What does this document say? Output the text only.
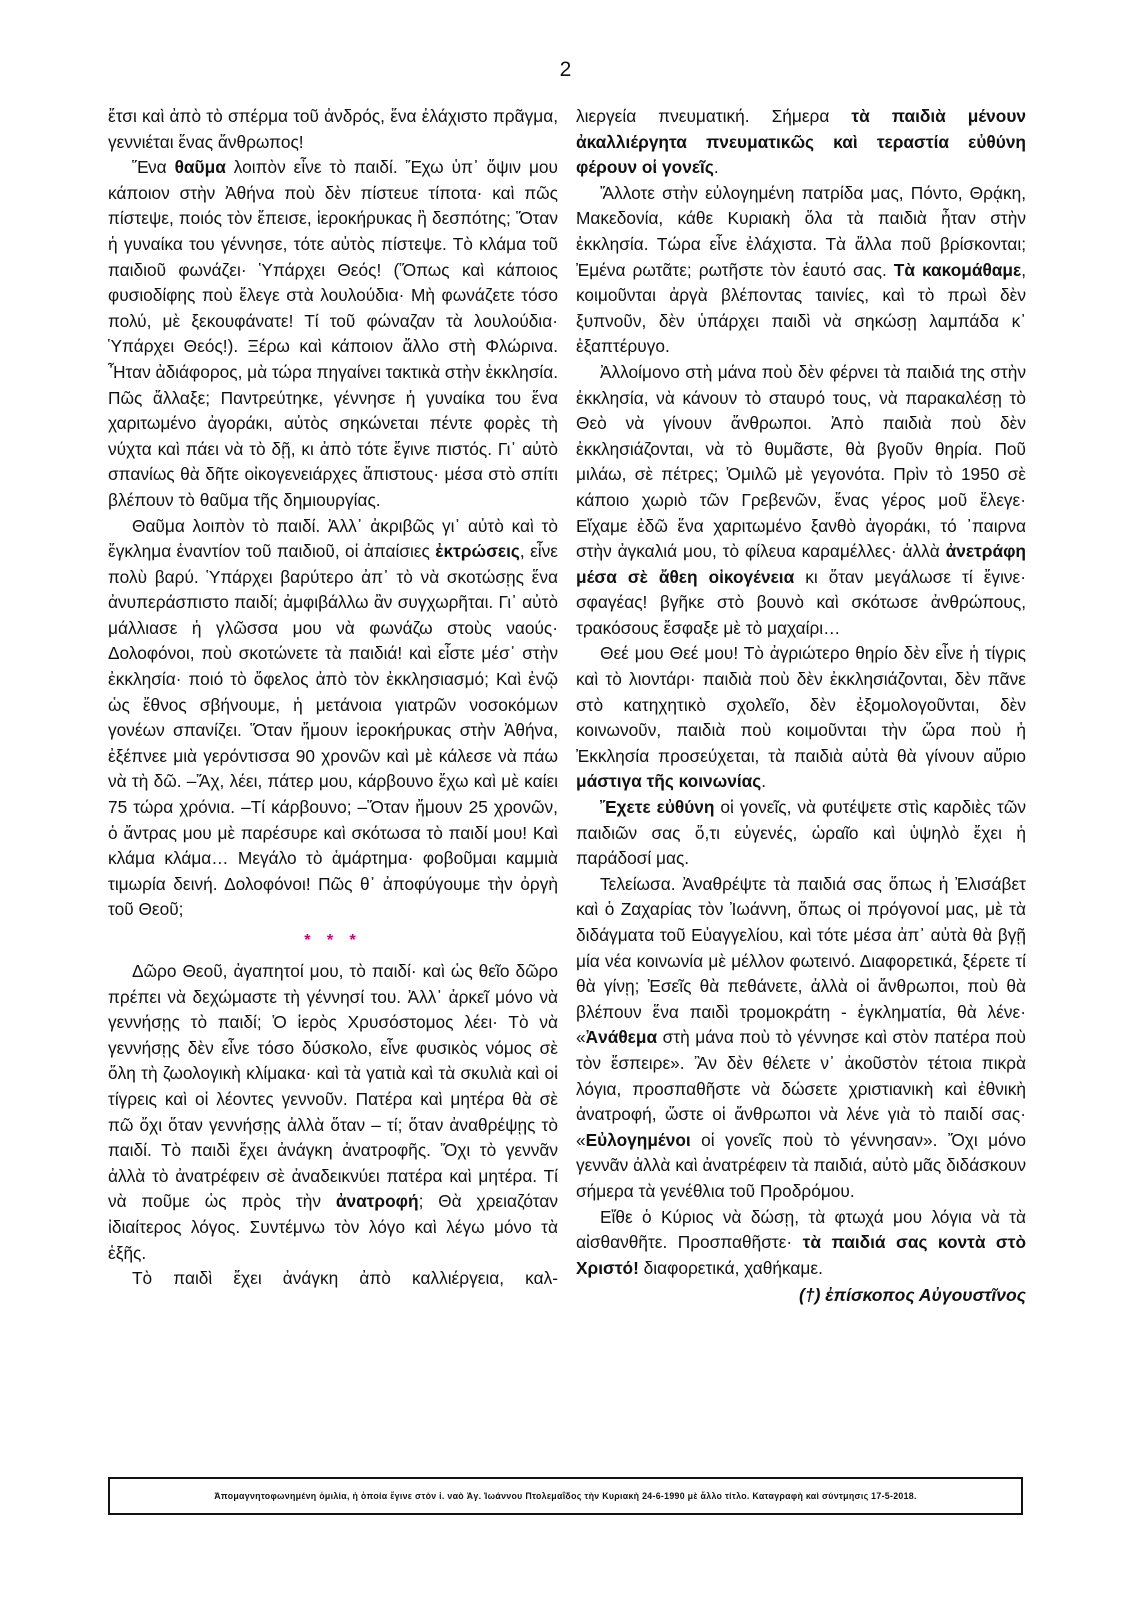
2

ἔτσι καὶ ἀπὸ τὸ σπέρμα τοῦ ἀνδρός, ἕνα ἐλάχιστο πρᾶγμα, γεννιέται ἕνας ἄνθρωπος!

Ἕνα θαῦμα λοιπὸν εἶνε τὸ παιδί. Ἔχω ὑπ᾿ ὄψιν μου κάποιον στὴν Ἀθήνα ποὺ δὲν πίστευε τίποτα· καὶ πῶς πίστεψε, ποιός τὸν ἔπεισε, ἱεροκήρυκας ἢ δεσπότης; Ὅταν ἡ γυναίκα του γέννησε, τότε αὐτὸς πίστεψε. Τὸ κλάμα τοῦ παιδιοῦ φωνάζει· Ὑπάρχει Θεός! (Ὅπως καὶ κάποιος φυσιοδίφης ποὺ ἔλεγε στὰ λουλούδια· Μὴ φωνάζετε τόσο πολύ, μὲ ξεκουφάνατε! Τί τοῦ φώναζαν τὰ λουλούδια· Ὑπάρχει Θεός!). Ξέρω καὶ κάποιον ἄλλο στὴ Φλώρινα. Ἦταν ἀδιάφορος, μὰ τώρα πηγαίνει τακτικὰ στὴν ἐκκλησία. Πῶς ἄλλαξε; Παντρεύτηκε, γέννησε ἡ γυναίκα του ἕνα χαριτωμένο ἀγοράκι, αὐτὸς σηκώνεται πέντε φορὲς τὴ νύχτα καὶ πάει νὰ τὸ δῇ, κι ἀπὸ τότε ἔγινε πιστός. Γι᾿ αὐτὸ σπανίως θὰ δῆτε οἰκογενειάρχες ἄπιστους· μέσα στὸ σπίτι βλέπουν τὸ θαῦμα τῆς δημιουργίας.

Θαῦμα λοιπὸν τὸ παιδί. Ἀλλ᾿ ἀκριβῶς γι᾿ αὐτὸ καὶ τὸ ἔγκλημα ἐναντίον τοῦ παιδιοῦ, οἱ ἀπαίσιες ἐκτρώσεις, εἶνε πολὺ βαρύ. Ὑπάρχει βαρύτερο ἀπ᾿ τὸ νὰ σκοτώσῃς ἕνα ἀνυπεράσπιστο παιδί; ἀμφιβάλλω ἂν συγχωρῆται. Γι᾿ αὐτὸ μάλλιασε ἡ γλῶσσα μου νὰ φωνάζω στοὺς ναούς· Δολοφόνοι, ποὺ σκοτώνετε τὰ παιδιά! καὶ εἶστε μέσ᾿ στὴν ἐκκλησία· ποιό τὸ ὄφελος ἀπὸ τὸν ἐκκλησιασμό; Καὶ ἐνῷ ὡς ἔθνος σβήνουμε, ἡ μετάνοια γιατρῶν νοσοκόμων γονέων σπανίζει. Ὅταν ἤμουν ἱεροκήρυκας στὴν Ἀθήνα, ἐξέπνεε μιὰ γερόντισσα 90 χρονῶν καὶ μὲ κάλεσε νὰ πάω νὰ τὴ δῶ. –Ἄχ, λέει, πάτερ μου, κάρβουνο ἔχω καὶ μὲ καίει 75 τώρα χρόνια. –Τί κάρβουνο; –Ὅταν ἤμουν 25 χρονῶν, ὁ ἄντρας μου μὲ παρέσυρε καὶ σκότωσα τὸ παιδί μου! Καὶ κλάμα κλάμα… Μεγάλο τὸ ἁμάρτημα· φοβοῦμαι καμμιὰ τιμωρία δεινή. Δολοφόνοι! Πῶς θ᾿ ἀποφύγουμε τὴν ὀργὴ τοῦ Θεοῦ;

* * *

Δῶρο Θεοῦ, ἀγαπητοί μου, τὸ παιδί· καὶ ὡς θεῖο δῶρο πρέπει νὰ δεχώμαστε τὴ γέννησί του. Ἀλλ᾿ ἀρκεῖ μόνο νὰ γεννήσῃς τὸ παιδί; Ὁ ἱερὸς Χρυσόστομος λέει· Τὸ νὰ γεννήσῃς δὲν εἶνε τόσο δύσκολο, εἶνε φυσικὸς νόμος σὲ ὅλη τὴ ζωολογικὴ κλίμακα· καὶ τὰ γατιὰ καὶ τὰ σκυλιὰ καὶ οἱ τίγρεις καὶ οἱ λέοντες γεννοῦν. Πατέρα καὶ μητέρα θὰ σὲ πῶ ὄχι ὅταν γεννήσῃς ἀλλὰ ὅταν – τί; ὅταν ἀναθρέψῃς τὸ παιδί. Τὸ παιδὶ ἔχει ἀνάγκη ἀνατροφῆς. Ὄχι τὸ γεννᾶν ἀλλὰ τὸ ἀνατρέφειν σὲ ἀναδεικνύει πατέρα καὶ μητέρα. Τί νὰ ποῦμε ὡς πρὸς τὴν ἀνατροφή; Θὰ χρειαζόταν ἰδιαίτερος λόγος. Συντέμνω τὸν λόγο καὶ λέγω μόνο τὰ ἑξῆς.

Τὸ παιδὶ ἔχει ἀνάγκη ἀπὸ καλλιέργεια, καλ-

λιεργεία πνευματική. Σήμερα τὰ παιδιὰ μένουν ἀκαλλιέργητα πνευματικῶς καὶ τεραστία εὐθύνη φέρουν οἱ γονεῖς.

Ἄλλοτε στὴν εὐλογημένη πατρίδα μας, Πόντο, Θρᾴκη, Μακεδονία, κάθε Κυριακὴ ὅλα τὰ παιδιὰ ἦταν στὴν ἐκκλησία. Τώρα εἶνε ἐλάχιστα. Τὰ ἄλλα ποῦ βρίσκονται; Ἐμένα ρωτᾶτε; ρωτῆστε τὸν ἑαυτό σας. Τὰ κακομάθαμε, κοιμοῦνται ἀργὰ βλέποντας ταινίες, καὶ τὸ πρωὶ δὲν ξυπνοῦν, δὲν ὑπάρχει παιδὶ νὰ σηκώσῃ λαμπάδα κ᾿ ἑξαπτέρυγο.

Ἀλλοίμονο στὴ μάνα ποὺ δὲν φέρνει τὰ παιδιά της στὴν ἐκκλησία, νὰ κάνουν τὸ σταυρό τους, νὰ παρακαλέσῃ τὸ Θεὸ νὰ γίνουν ἄνθρωποι. Ἀπὸ παιδιὰ ποὺ δὲν ἐκκλησιάζονται, νὰ τὸ θυμᾶστε, θὰ βγοῦν θηρία. Ποῦ μιλάω, σὲ πέτρες; Ὁμιλῶ μὲ γεγονότα. Πρὶν τὸ 1950 σὲ κάποιο χωριὸ τῶν Γρεβενῶν, ἕνας γέρος μοῦ ἔλεγε· Εἴχαμε ἐδῶ ἕνα χαριτωμένο ξανθὸ ἀγοράκι, τό ᾿παιρνα στὴν ἀγκαλιά μου, τὸ φίλευα καραμέλλες· ἀλλὰ ἀνετράφη μέσα σὲ ἄθεη οἰκογένεια κι ὅταν μεγάλωσε τί ἔγινε· σφαγέας! βγῆκε στὸ βουνὸ καὶ σκότωσε ἀνθρώπους, τρακόσους ἔσφαξε μὲ τὸ μαχαίρι…

Θεέ μου Θεέ μου! Τὸ ἀγριώτερο θηρίο δὲν εἶνε ἡ τίγρις καὶ τὸ λιοντάρι· παιδιὰ ποὺ δὲν ἐκκλησιάζονται, δὲν πᾶνε στὸ κατηχητικὸ σχολεῖο, δὲν ἐξομολογοῦνται, δὲν κοινωνοῦν, παιδιὰ ποὺ κοιμοῦνται τὴν ὥρα ποὺ ἡ Ἐκκλησία προσεύχεται, τὰ παιδιὰ αὐτὰ θὰ γίνουν αὔριο μάστιγα τῆς κοινωνίας.

Ἔχετε εὐθύνη οἱ γονεῖς, νὰ φυτέψετε στὶς καρδιὲς τῶν παιδιῶν σας ὅ,τι εὐγενές, ὡραῖο καὶ ὑψηλὸ ἔχει ἡ παράδοσί μας.

Τελείωσα. Ἀναθρέψτε τὰ παιδιά σας ὅπως ἡ Ἐλισάβετ καὶ ὁ Ζαχαρίας τὸν Ἰωάννη, ὅπως οἱ πρόγονοί μας, μὲ τὰ διδάγματα τοῦ Εὐαγγελίου, καὶ τότε μέσα ἀπ᾿ αὐτὰ θὰ βγῇ μία νέα κοινωνία μὲ μέλλον φωτεινό. Διαφορετικά, ξέρετε τί θὰ γίνῃ; Ἐσεῖς θὰ πεθάνετε, ἀλλὰ οἱ ἄνθρωποι, ποὺ θὰ βλέπουν ἕνα παιδὶ τρομοκράτη - ἐγκληματία, θὰ λένε· «Ἀνάθεμα στὴ μάνα ποὺ τὸ γέννησε καὶ στὸν πατέρα ποὺ τὸν ἔσπειρε». Ἂν δὲν θέλετε ν᾿ ἀκοῦστὸν τέτοια πικρὰ λόγια, προσπαθῆστε νὰ δώσετε χριστιανικὴ καὶ ἐθνικὴ ἀνατροφή, ὥστε οἱ ἄνθρωποι νὰ λένε γιὰ τὸ παιδί σας· «Εὐλογημένοι οἱ γονεῖς ποὺ τὸ γέννησαν». Ὄχι μόνο γεννᾶν ἀλλὰ καὶ ἀνατρέφειν τὰ παιδιά, αὐτὸ μᾶς διδάσκουν σήμερα τὰ γενέθλια τοῦ Προδρόμου.

Εἴθε ὁ Κύριος νὰ δώσῃ, τὰ φτωχά μου λόγια νὰ τὰ αἰσθανθῆτε. Προσπαθῆστε· τὰ παιδιά σας κοντὰ στὸ Χριστό! διαφορετικά, χαθήκαμε.

(†) ἐπίσκοπος Αὐγουστῖνος
Ἀπομαγνητοφωνημένη ὁμιλία, ἡ ὁποία ἔγινε στὸν ἱ. ναὸ Ἁγ. Ἰωάννου Πτολεμαΐδος τὴν Κυριακὴ 24-6-1990 μὲ ἄλλο τίτλο. Καταγραφὴ καὶ σύντμησις 17-5-2018.
